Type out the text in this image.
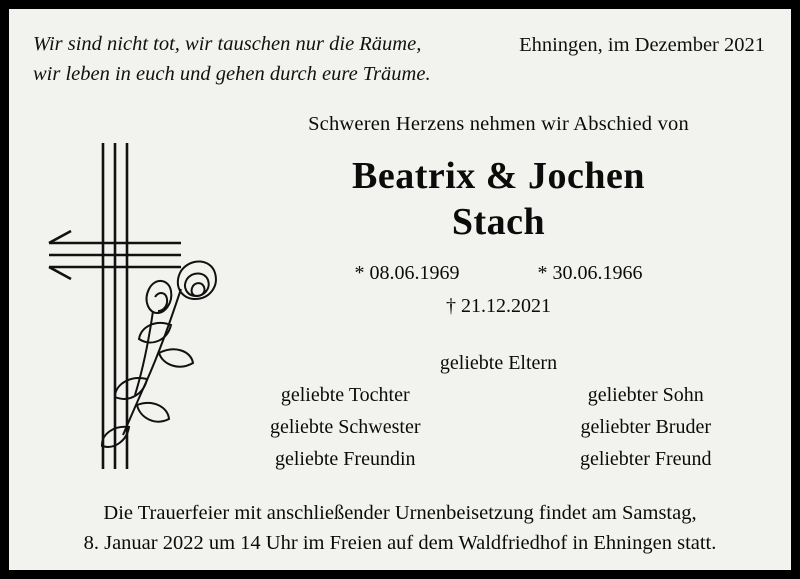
Wir sind nicht tot, wir tauschen nur die Räume,
wir leben in euch und gehen durch eure Träume.
Ehningen, im Dezember 2021
Schweren Herzens nehmen wir Abschied von
Beatrix & Jochen
Stach
* 08.06.1969	* 30.06.1966
† 21.12.2021
geliebte Eltern
geliebte Tochter	geliebter Sohn
geliebte Schwester	geliebter Bruder
geliebte Freundin	geliebter Freund
Die Trauerfeier mit anschließender Urnenbeisetzung findet am Samstag,
8. Januar 2022 um 14 Uhr im Freien auf dem Waldfriedhof in Ehningen statt.
